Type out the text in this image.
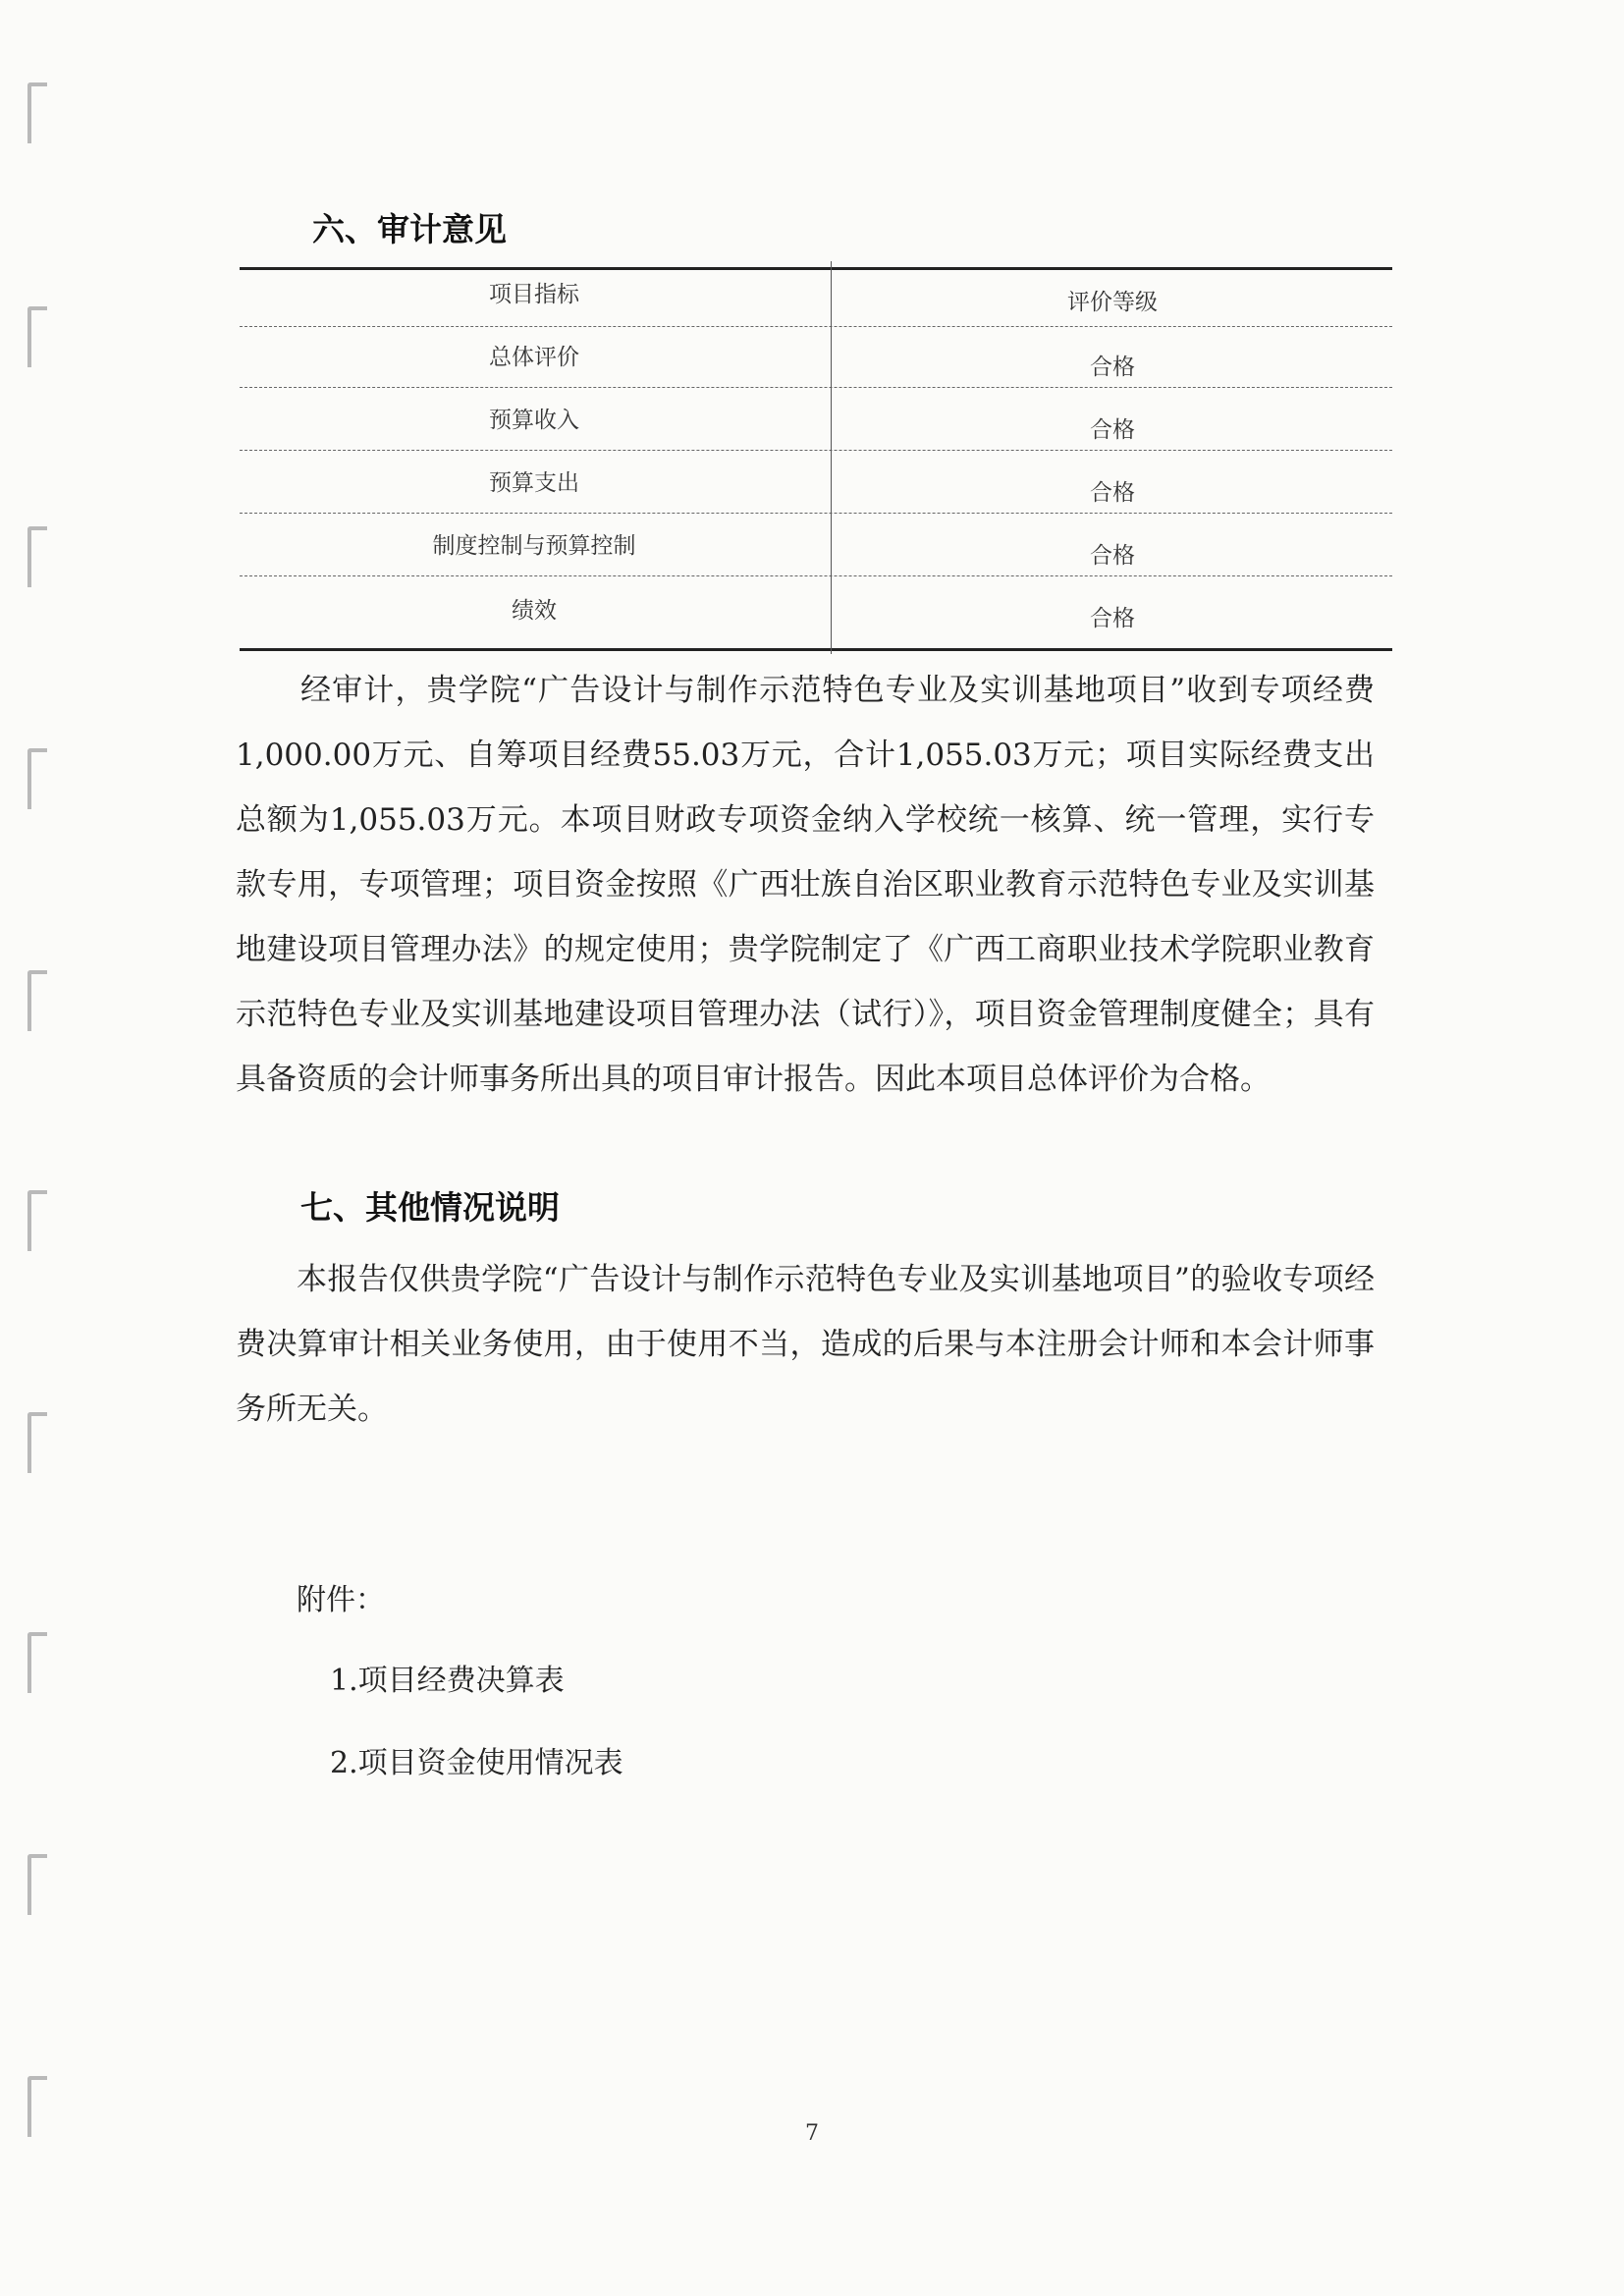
六、审计意见
项目指标	评价等级
总体评价	合格
预算收入	合格
预算支出	合格
制度控制与预算控制	合格
绩效	合格
经审计，贵学院“广告设计与制作示范特色专业及实训基地项目”收到专项经费1,000.00万元、自筹项目经费55.03万元，合计1,055.03万元；项目实际经费支出总额为1,055.03万元。本项目财政专项资金纳入学校统一核算、统一管理，实行专款专用，专项管理；项目资金按照《广西壮族自治区职业教育示范特色专业及实训基地建设项目管理办法》的规定使用；贵学院制定了《广西工商职业技术学院职业教育示范特色专业及实训基地建设项目管理办法（试行）》，项目资金管理制度健全；具有具备资质的会计师事务所出具的项目审计报告。因此本项目总体评价为合格。
七、其他情况说明
本报告仅供贵学院“广告设计与制作示范特色专业及实训基地项目”的验收专项经费决算审计相关业务使用，由于使用不当，造成的后果与本注册会计师和本会计师事务所无关。
附件：
1.项目经费决算表
2.项目资金使用情况表
7
